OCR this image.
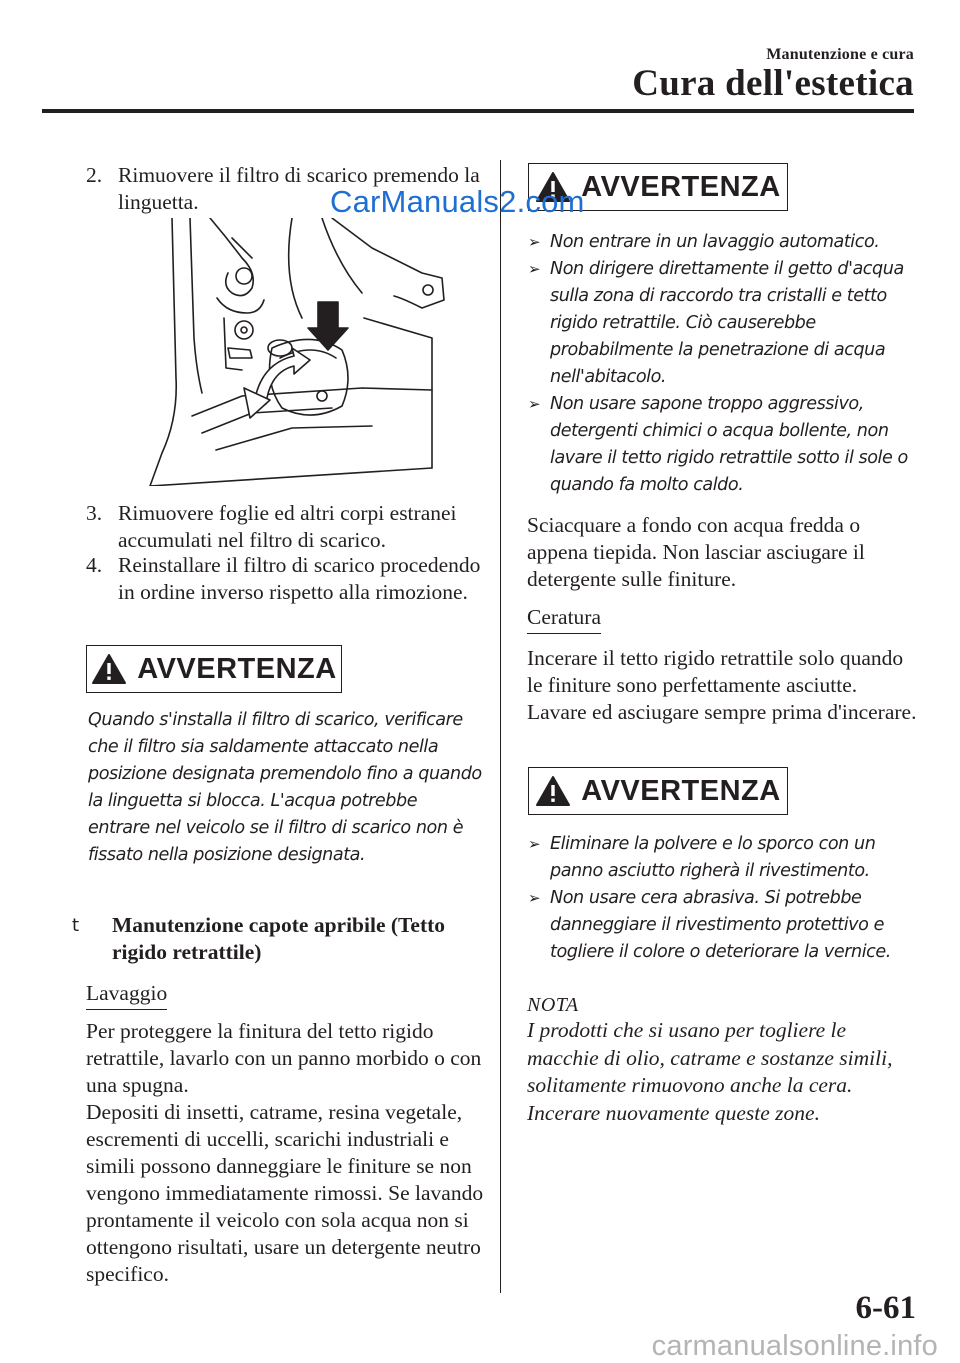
Manutenzione e cura
Cura dell'estetica
2. Rimuovere il filtro di scarico premendo la linguetta.
3. Rimuovere foglie ed altri corpi estranei accumulati nel filtro di scarico.
4. Reinstallare il filtro di scarico procedendo in ordine inverso rispetto alla rimozione.
AVVERTENZA
Quando s'installa il filtro di scarico, verificare che il filtro sia saldamente attaccato nella posizione designata premendolo fino a quando la linguetta si blocca. L'acqua potrebbe entrare nel veicolo se il filtro di scarico non è fissato nella posizione designata.
t	Manutenzione capote apribile (Tetto rigido retrattile)
Lavaggio
Per proteggere la finitura del tetto rigido retrattile, lavarlo con un panno morbido o con una spugna.
Depositi di insetti, catrame, resina vegetale, escrementi di uccelli, scarichi industriali e simili possono danneggiare le finiture se non vengono immediatamente rimossi. Se lavando prontamente il veicolo con sola acqua non si ottengono risultati, usare un detergente neutro specifico.
AVVERTENZA
➢ Non entrare in un lavaggio automatico.
➢ Non dirigere direttamente il getto d'acqua sulla zona di raccordo tra cristalli e tetto rigido retrattile. Ciò causerebbe probabilmente la penetrazione di acqua nell'abitacolo.
➢ Non usare sapone troppo aggressivo, detergenti chimici o acqua bollente, non lavare il tetto rigido retrattile sotto il sole o quando fa molto caldo.
Sciacquare a fondo con acqua fredda o appena tiepida. Non lasciar asciugare il detergente sulle finiture.
Ceratura
Incerare il tetto rigido retrattile solo quando le finiture sono perfettamente asciutte. Lavare ed asciugare sempre prima d'incerare.
AVVERTENZA
➢ Eliminare la polvere e lo sporco con un panno asciutto righerà il rivestimento.
➢ Non usare cera abrasiva. Si potrebbe danneggiare il rivestimento protettivo e togliere il colore o deteriorare la vernice.
NOTA
I prodotti che si usano per togliere le macchie di olio, catrame e sostanze simili, solitamente rimuovono anche la cera. Incerare nuovamente queste zone.
6-61
CarManuals2.com
carmanualsonline.info
